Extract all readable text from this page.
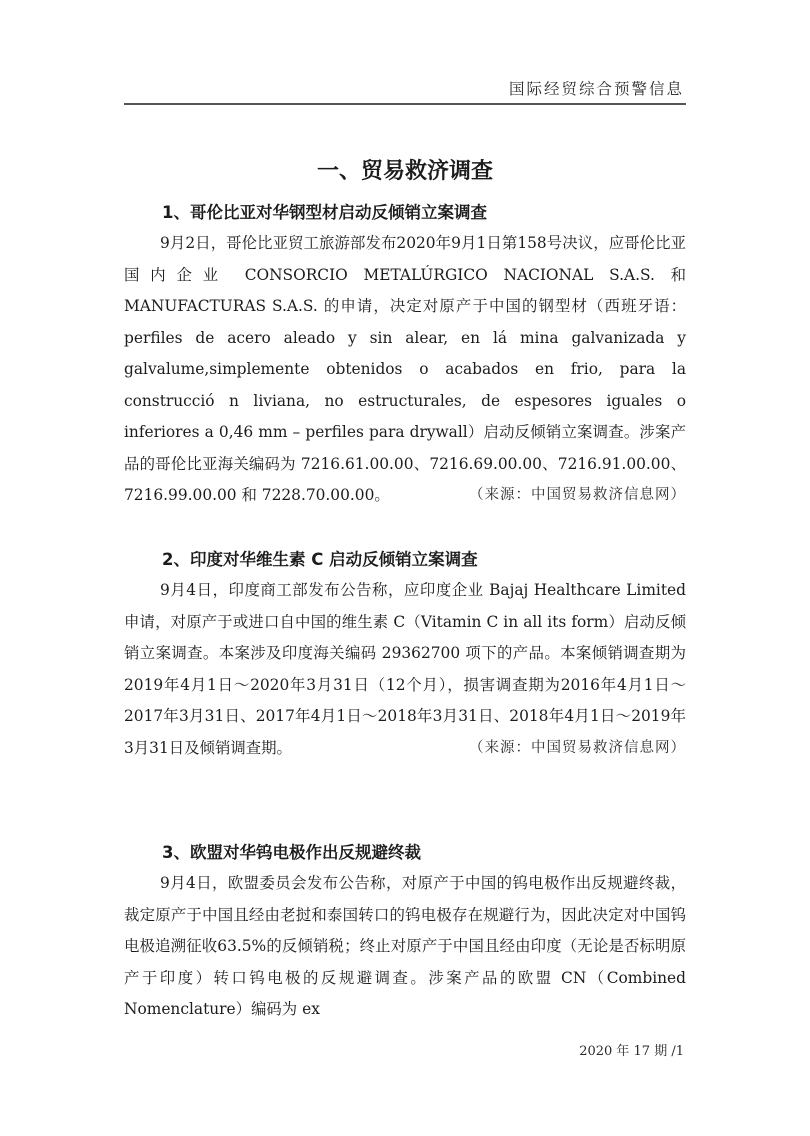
国际经贸综合预警信息
一、贸易救济调查
1、哥伦比亚对华钢型材启动反倾销立案调查

9月2日，哥伦比亚贸工旅游部发布2020年9月1日第158号决议，应哥伦比亚国内企业 CONSORCIO METALÚRGICO NACIONAL S.A.S. 和 MANUFACTURAS S.A.S. 的申请，决定对原产于中国的钢型材（西班牙语：perfiles de acero aleado y sin alear, en lá mina galvanizada y galvalume,simplemente obtenidos o acabados en frio, para la construcció n liviana, no estructurales, de espesores iguales o inferiores a 0,46 mm – perfiles para drywall）启动反倾销立案调查。涉案产品的哥伦比亚海关编码为 7216.61.00.00、7216.69.00.00、7216.91.00.00、7216.99.00.00 和 7228.70.00.00。	（来源：中国贸易救济信息网）

2、印度对华维生素 C 启动反倾销立案调查

9月4日，印度商工部发布公告称，应印度企业 Bajaj Healthcare Limited 申请，对原产于或进口自中国的维生素 C（Vitamin C in all its form）启动反倾销立案调查。本案涉及印度海关编码 29362700 项下的产品。本案倾销调查期为2019年4月1日～2020年3月31日（12个月），损害调查期为2016年4月1日～2017年3月31日、2017年4月1日～2018年3月31日、2018年4月1日～2019年3月31日及倾销调查期。	（来源：中国贸易救济信息网）

3、欧盟对华钨电极作出反规避终裁

9月4日，欧盟委员会发布公告称，对原产于中国的钨电极作出反规避终裁，裁定原产于中国且经由老挝和泰国转口的钨电极存在规避行为，因此决定对中国钨电极追溯征收63.5%的反倾销税；终止对原产于中国且经由印度（无论是否标明原产于印度）转口钨电极的反规避调查。涉案产品的欧盟 CN（Combined Nomenclature）编码为 ex

2020 年 17 期 /1
